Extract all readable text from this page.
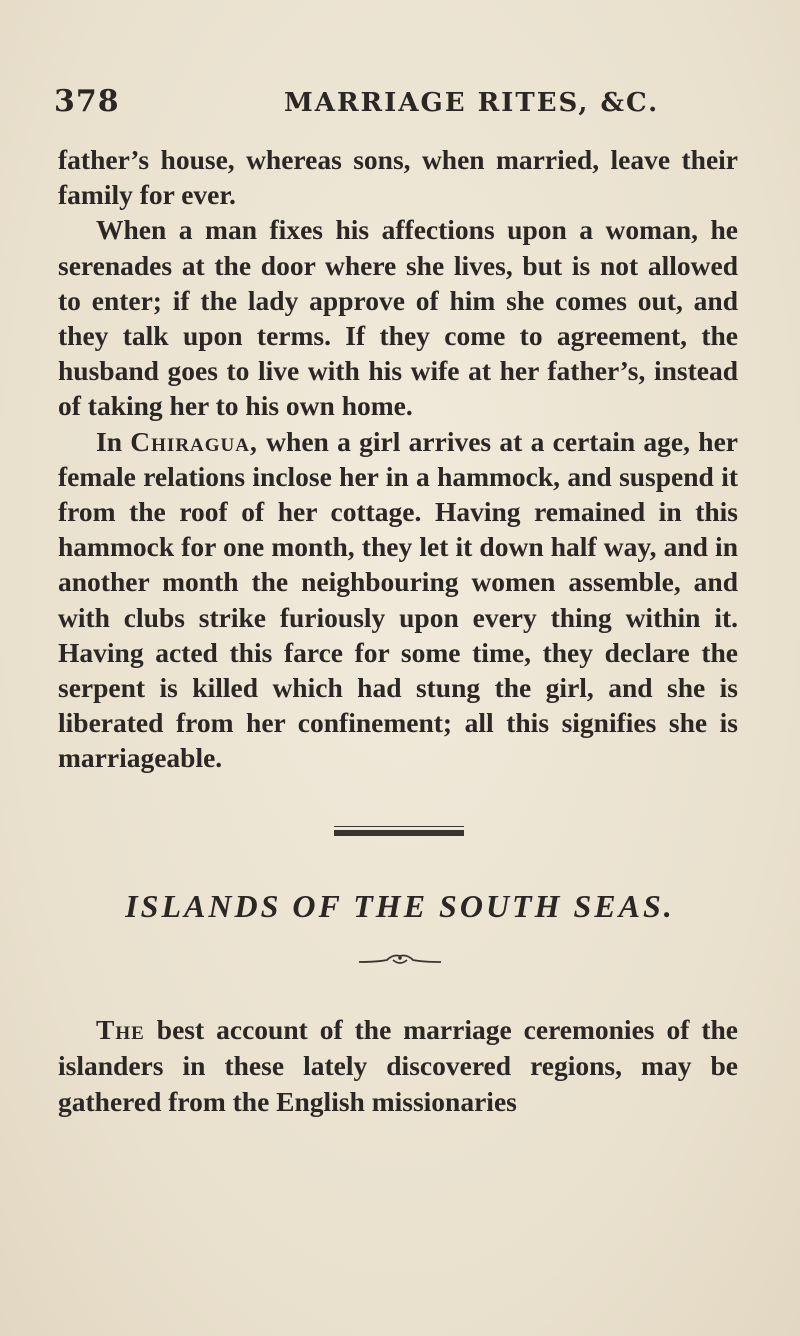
378	MARRIAGE RITES, &C.

father’s house, whereas sons, when married, leave their family for ever.

When a man fixes his affections upon a woman, he serenades at the door where she lives, but is not allowed to enter; if the lady approve of him she comes out, and they talk upon terms. If they come to agreement, the husband goes to live with his wife at her father’s, instead of taking her to his own home.

In Chiragua, when a girl arrives at a certain age, her female relations inclose her in a hammock, and suspend it from the roof of her cottage. Having remained in this hammock for one month, they let it down half way, and in another month the neighbouring women assemble, and with clubs strike furiously upon every thing within it. Having acted this farce for some time, they declare the serpent is killed which had stung the girl, and she is liberated from her confinement; all this signifies she is marriageable.

ISLANDS OF THE SOUTH SEAS.

The best account of the marriage ceremonies of the islanders in these lately discovered regions, may be gathered from the English missionaries
